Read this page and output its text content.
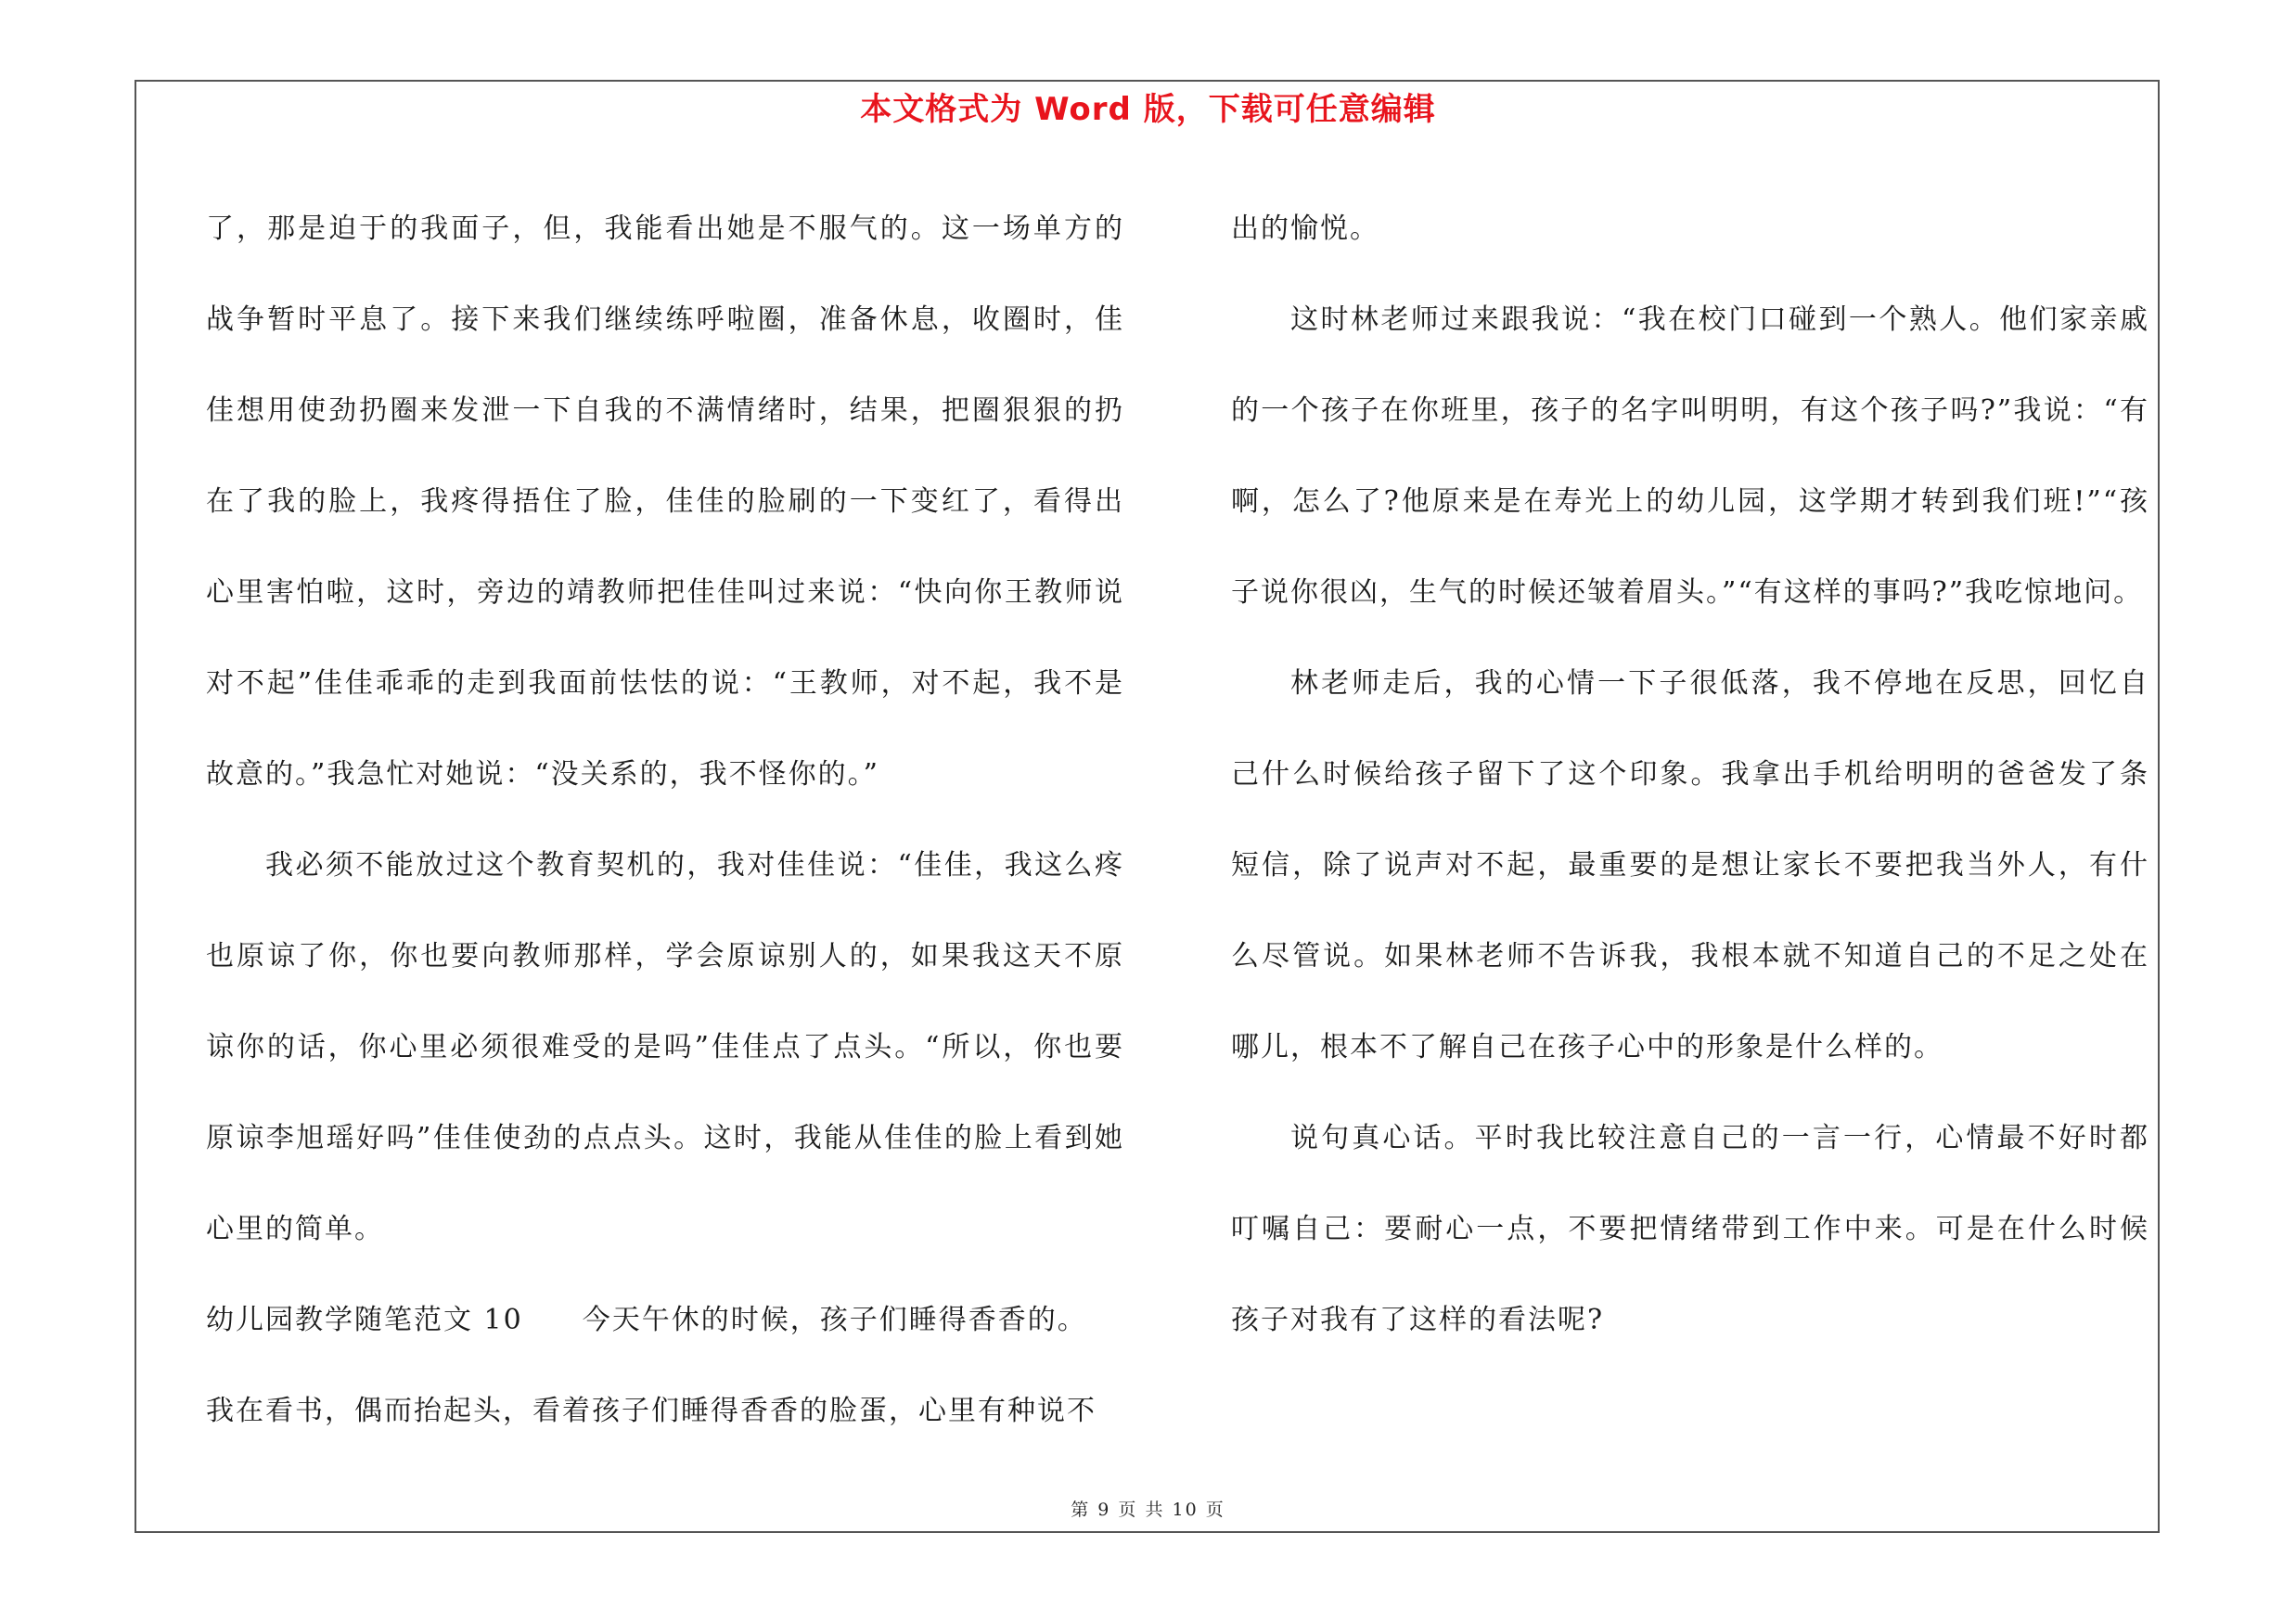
本文格式为 Word 版，下载可任意编辑

了，那是迫于的我面子，但，我能看出她是不服气的。这一场单方的战争暂时平息了。接下来我们继续练呼啦圈，准备休息，收圈时，佳佳想用使劲扔圈来发泄一下自我的不满情绪时，结果，把圈狠狠的扔在了我的脸上，我疼得捂住了脸，佳佳的脸刷的一下变红了，看得出心里害怕啦，这时，旁边的靖教师把佳佳叫过来说：“快向你王教师说对不起”佳佳乖乖的走到我面前怯怯的说：“王教师，对不起，我不是故意的。”我急忙对她说：“没关系的，我不怪你的。”

我必须不能放过这个教育契机的，我对佳佳说：“佳佳，我这么疼也原谅了你，你也要向教师那样，学会原谅别人的，如果我这天不原谅你的话，你心里必须很难受的是吗”佳佳点了点头。“所以，你也要原谅李旭瑶好吗”佳佳使劲的点点头。这时，我能从佳佳的脸上看到她心里的简单。

幼儿园教学随笔范文 10 今天午休的时候，孩子们睡得香香的。

我在看书，偶而抬起头，看着孩子们睡得香香的脸蛋，心里有种说不

出的愉悦。

这时林老师过来跟我说：“我在校门口碰到一个熟人。他们家亲戚的一个孩子在你班里，孩子的名字叫明明，有这个孩子吗?”我说：“有啊，怎么了?他原来是在寿光上的幼儿园，这学期才转到我们班!”“孩子说你很凶，生气的时候还皱着眉头。”“有这样的事吗?”我吃惊地问。

林老师走后，我的心情一下子很低落，我不停地在反思，回忆自己什么时候给孩子留下了这个印象。我拿出手机给明明的爸爸发了条短信，除了说声对不起，最重要的是想让家长不要把我当外人，有什么尽管说。如果林老师不告诉我，我根本就不知道自己的不足之处在哪儿，根本不了解自己在孩子心中的形象是什么样的。

说句真心话。平时我比较注意自己的一言一行，心情最不好时都叮嘱自己：要耐心一点，不要把情绪带到工作中来。可是在什么时候孩子对我有了这样的看法呢?

第 9 页 共 10 页
